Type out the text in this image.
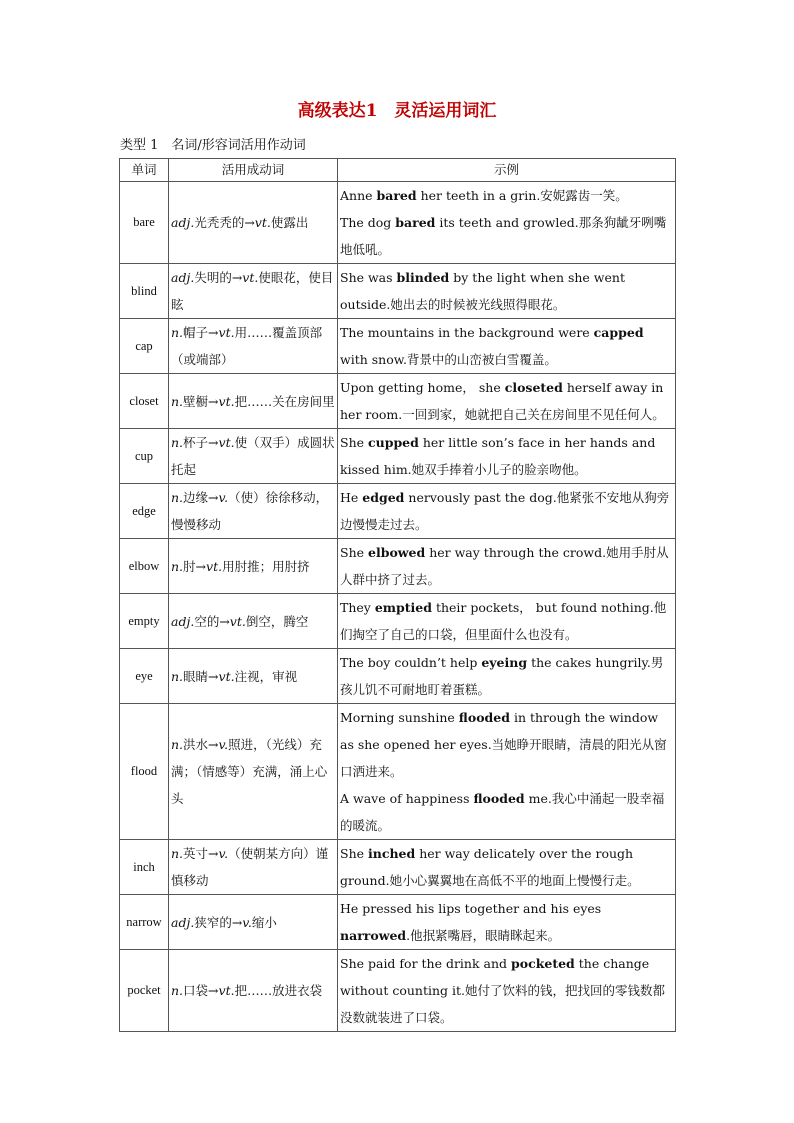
高级表达1　灵活运用词汇
类型 1　名词/形容词活用作动词
单词	活用成动词	示例
bare	adj.光秃秃的→vt.使露出	Anne bared her teeth in a grin.安妮露齿一笑。
The dog bared its teeth and growled.那条狗龇牙咧嘴地低吼。

blind	adj.失明的→vt.使眼花，使目眩	She was blinded by the light when she went outside.她出去的时候被光线照得眼花。

cap	n.帽子→vt.用……覆盖顶部（或端部）	The mountains in the background were capped with snow.背景中的山峦被白雪覆盖。

closet	n.壁橱→vt.把……关在房间里	Upon getting home， she closeted herself away in her room.一回到家，她就把自己关在房间里不见任何人。

cup	n.杯子→vt.使（双手）成圆状托起	She cupped her little son’s face in her hands and kissed him.她双手捧着小儿子的脸亲吻他。

edge	n.边缘→v.（使）徐徐移动，慢慢移动	He edged nervously past the dog.他紧张不安地从狗旁边慢慢走过去。

elbow	n.肘→vt.用肘推；用肘挤	She elbowed her way through the crowd.她用手肘从人群中挤了过去。

empty	adj.空的→vt.倒空，腾空	They emptied their pockets， but found nothing.他们掏空了自己的口袋，但里面什么也没有。

eye	n.眼睛→vt.注视，审视	The boy couldn’t help eyeing the cakes hungrily.男孩儿饥不可耐地盯着蛋糕。

flood	n.洪水→v.照进，（光线）充满；（情感等）充满，涌上心头	Morning sunshine flooded in through the window as she opened her eyes.当她睁开眼睛，清晨的阳光从窗口洒进来。
A wave of happiness flooded me.我心中涌起一股幸福的暖流。

inch	n.英寸→v.（使朝某方向）谨慎移动	She inched her way delicately over the rough ground.她小心翼翼地在高低不平的地面上慢慢行走。

narrow	adj.狭窄的→v.缩小	He pressed his lips together and his eyes narrowed.他抿紧嘴唇，眼睛眯起来。

pocket	n.口袋→vt.把……放进衣袋	She paid for the drink and pocketed the change without counting it.她付了饮料的钱，把找回的零钱数都没数就装进了口袋。
